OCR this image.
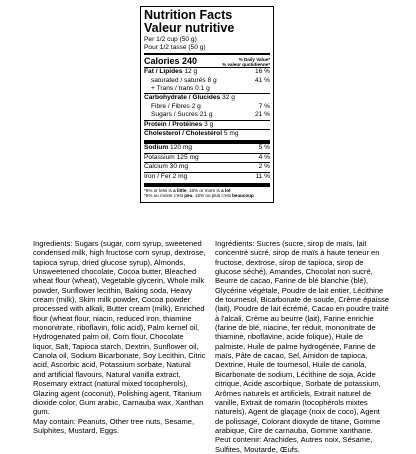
Nutrition Facts
Valeur nutritive
Per 1/2 cup (50 g)
Pour 1/2 tasse (50 g)
Calories 240	% Daily Value*
% valeur quotidienne*
Fat / Lipides 12 g	16 %
saturated / saturés 8 g	41 %
+ Trans / trans 0.1 g
Carbohydrate / Glucides 32 g
Fibre / Fibres 2 g	7 %
Sugars / Sucres 21 g	21 %
Protein / Protéines 3 g
Cholesterol / Cholestérol 5 mg
Sodium 120 mg	5 %
Potassium 125 mg	4 %
Calcium 30 mg	2 %
Iron / Fer 2 mg	11 %
*5% or less is a little, 15% or more is a lot
*5% ou moins c'est peu, 15% ou plus c'est beaucoup
Ingredients: Sugars (sugar, corn syrup, sweetened
condensed milk, high fructose corn syrup, dextrose,
tapioca syrup, dried glucose syrup), Almonds,
Unsweetened chocolate, Cocoa butter, Bleached
wheat flour (wheat), Vegetable glycerin, Whole milk
powder, Sunflower lecithin, Baking soda, Heavy
cream (milk), Skim milk powder, Cocoa powder
processed with alkali, Butter cream (milk), Enriched
flour (wheat flour, niacin, reduced iron, thiamine
mononitrate, riboflavin, folic acid), Palm kernel oil,
Hydrogenated palm oil, Corn flour, Chocolate
liquor, Salt, Tapioca starch, Dextrin, Sunflower oil,
Canola oil, Sodium Bicarbonate, Soy Lecithin, Citric
acid, Ascorbic acid, Potassium sorbate, Natural
and artificial flavours, Natural vanilla extract,
Rosemary extract (natural mixed tocopherols),
Glazing agent (coconut), Polishing agent, Titanium
dioxide color, Gum arabic, Carnauba wax, Xanthan
gum.
May contain: Peanuts, Other tree nuts, Sesame,
Sulphites, Mustard, Eggs.
Ingrédients: Sucres (sucre, sirop de maïs, lait
concentré sucré, sirop de maïs à haute teneur en
fructose, dextrose, sirop de tapioca, sirop de
glucose séché), Amandes, Chocolat non sucré,
Beurre de cacao, Farine de blé blanchie (blé),
Glycérine végétale, Poudre de lait entier, Lécithine
de tournesol, Bicarbonate de soude, Crème épaisse
(lait), Poudre de lait écrémé, Cacao en poudre traité
à l'alcali, Crème au beurre (lait), Farine enrichie
(farine de blé, niacine, fer réduit, mononitrate de
thiamine, riboflavine, acide folique), Huile de
palmiste, Huile de palme hydrogénée, Farine de
maïs, Pâte de cacao, Sel, Amidon de tapioca,
Dextrine, Huile de tournesol, Huile de canola,
Bicarbonate de sodium, Lécithine de soja, Acide
citrique, Acide ascorbique, Sorbate de potassium,
Arômes naturels et artificiels, Extrait naturel de
vanille, Extrait de romarin (tocophérols mixtes
naturels), Agent de glaçage (noix de coco), Agent
de polissage, Colorant dioxyde de titane, Gomme
arabique, Cire de carnauba, Gomme xanthane.
Peut contenir: Arachides, Autres noix, Sésame,
Sulfites, Moutarde, Œufs.
